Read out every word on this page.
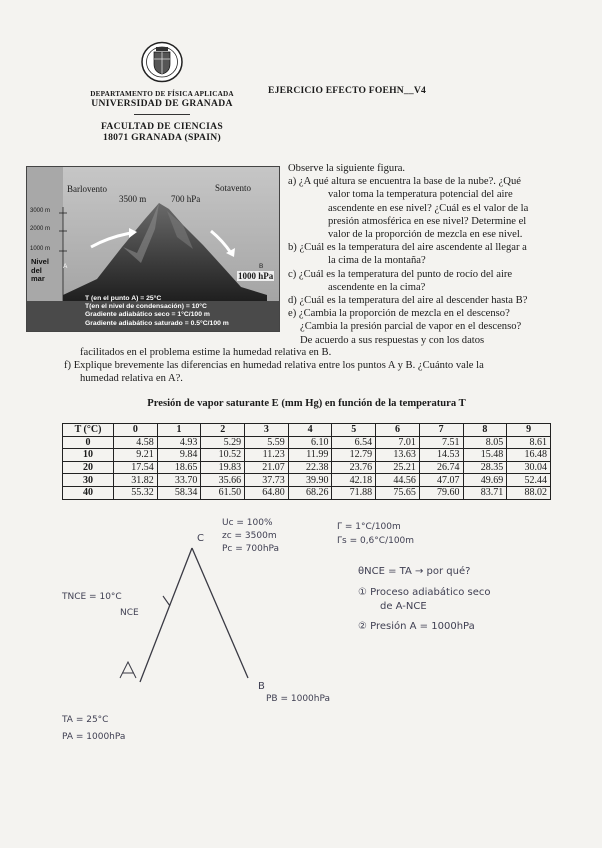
DEPARTAMENTO DE FÍSICA APLICADA
UNIVERSIDAD DE GRANADA
FACULTAD DE CIENCIAS
18071 GRANADA (SPAIN)
EJERCICIO EFECTO FOEHN__V4
Barlovento	Sotavento
3500 m	700 hPa
3000 m
2000 m
1000 m
Nivel
del
mar
A	B
1000 hPa
T (en el punto A) = 25°C
T(en el nivel de condensación) = 10°C
Gradiente adiabático seco = 1°C/100 m
Gradiente adiabático saturado = 0.5°C/100 m
Observe la siguiente figura.
a) ¿A qué altura se encuentra la base de la nube?. ¿Qué
valor toma la temperatura potencial del aire
ascendente en ese nivel? ¿Cuál es el valor de la
presión atmosférica en ese nivel? Determine el
valor de la proporción de mezcla en ese nivel.
b) ¿Cuál es la temperatura del aire ascendente al llegar a
la cima de la montaña?
c) ¿Cuál es la temperatura del punto de rocío del aire
ascendente en la cima?
d) ¿Cuál es la temperatura del aire al descender hasta B?
e) ¿Cambia la proporción de mezcla en el descenso?
¿Cambia la presión parcial de vapor en el descenso?
De acuerdo a sus respuestas y con los datos
facilitados en el problema estime la humedad relativa en B.
f) Explique brevemente las diferencias en humedad relativa entre los puntos A y B. ¿Cuánto vale la
humedad relativa en A?.
Presión de vapor saturante E (mm Hg) en función de la temperatura T
T (°C)	0	1	2	3	4	5	6	7	8	9
0	4.58	4.93	5.29	5.59	6.10	6.54	7.01	7.51	8.05	8.61
10	9.21	9.84	10.52	11.23	11.99	12.79	13.63	14.53	15.48	16.48
20	17.54	18.65	19.83	21.07	22.38	23.76	25.21	26.74	28.35	30.04
30	31.82	33.70	35.66	37.73	39.90	42.18	44.56	47.07	49.69	52.44
40	55.32	58.34	61.50	64.80	68.26	71.88	75.65	79.60	83.71	88.02
C
Uc = 100%
zc = 3500m
Pc = 700hPa
TNCE = 10°C
NCE
B
PB = 1000hPa
TA = 25°C
PA = 1000hPa
Γ = 1°C/100m
Γs = 0,6°C/100m
θNCE = TA → por qué?
① Proceso adiabático seco
de A-NCE
② Presión A = 1000hPa
